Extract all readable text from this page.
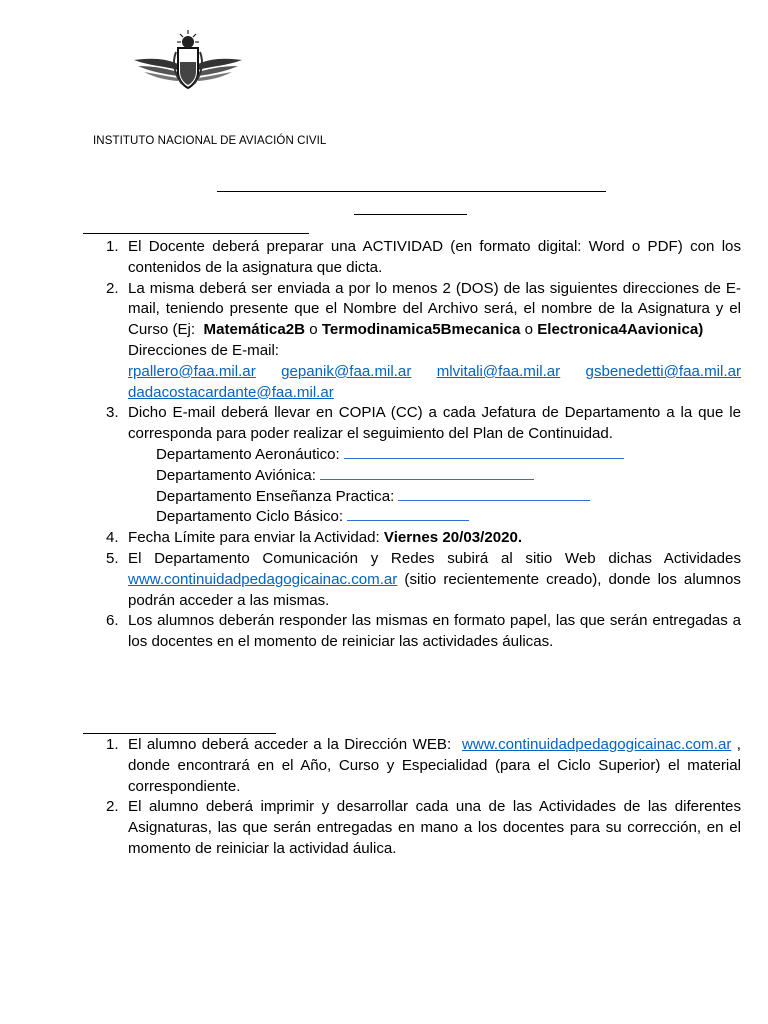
INSTITUTO NACIONAL DE AVIACIÓN CIVIL
1. El Docente deberá preparar una ACTIVIDAD (en formato digital: Word o PDF) con los contenidos de la asignatura que dicta.
2. La misma deberá ser enviada a por lo menos 2 (DOS) de las siguientes direcciones de E-mail, teniendo presente que el Nombre del Archivo será, el nombre de la Asignatura y el Curso (Ej: Matemática2B o Termodinamica5Bmecanica o Electronica4Aavionica)
Direcciones de E-mail:
rpallero@faa.mil.ar gepanik@faa.mil.ar mlvitali@faa.mil.ar gsbenedetti@faa.mil.ar
dadacostacardante@faa.mil.ar
3. Dicho E-mail deberá llevar en COPIA (CC) a cada Jefatura de Departamento a la que le corresponda para poder realizar el seguimiento del Plan de Continuidad.
Departamento Aeronáutico:
Departamento Aviónica:
Departamento Enseñanza Practica:
Departamento Ciclo Básico:
4. Fecha Límite para enviar la Actividad: Viernes 20/03/2020.
5. El Departamento Comunicación y Redes subirá al sitio Web dichas Actividades www.continuidadpedagogicainac.com.ar (sitio recientemente creado), donde los alumnos podrán acceder a las mismas.
6. Los alumnos deberán responder las mismas en formato papel, las que serán entregadas a los docentes en el momento de reiniciar las actividades áulicas.
1. El alumno deberá acceder a la Dirección WEB: www.continuidadpedagogicainac.com.ar , donde encontrará en el Año, Curso y Especialidad (para el Ciclo Superior) el material correspondiente.
2. El alumno deberá imprimir y desarrollar cada una de las Actividades de las diferentes Asignaturas, las que serán entregadas en mano a los docentes para su corrección, en el momento de reiniciar la actividad áulica.
